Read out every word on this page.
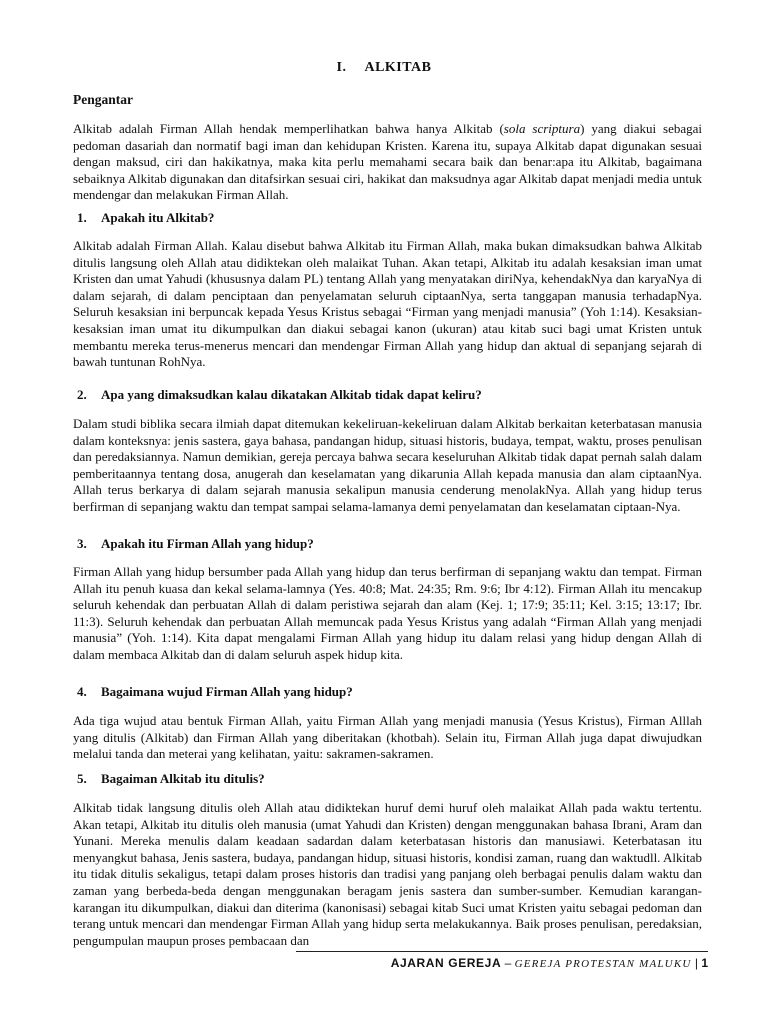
I. ALKITAB
Pengantar

Alkitab adalah Firman Allah hendak memperlihatkan bahwa hanya Alkitab (sola scriptura) yang diakui sebagai pedoman dasariah dan normatif bagi iman dan kehidupan Kristen. Karena itu, supaya Alkitab dapat digunakan sesuai dengan maksud, ciri dan hakikatnya, maka kita perlu memahami secara baik dan benar:apa itu Alkitab, bagaimana sebaiknya Alkitab digunakan dan ditafsirkan sesuai ciri, hakikat dan maksudnya agar Alkitab dapat menjadi media untuk mendengar dan melakukan Firman Allah.

1. Apakah itu Alkitab?

Alkitab adalah Firman Allah. Kalau disebut bahwa Alkitab itu Firman Allah, maka bukan dimaksudkan bahwa Alkitab ditulis langsung oleh Allah atau didiktekan oleh malaikat Tuhan. Akan tetapi, Alkitab itu adalah kesaksian iman umat Kristen dan umat Yahudi (khususnya dalam PL) tentang Allah yang menyatakan diriNya, kehendakNya dan karyaNya di dalam sejarah, di dalam penciptaan dan penyelamatan seluruh ciptaanNya, serta tanggapan manusia terhadapNya. Seluruh kesaksian ini berpuncak kepada Yesus Kristus sebagai “Firman yang menjadi manusia” (Yoh 1:14). Kesaksian-kesaksian iman umat itu dikumpulkan dan diakui sebagai kanon (ukuran) atau kitab suci bagi umat Kristen untuk membantu mereka terus-menerus mencari dan mendengar Firman Allah yang hidup dan aktual di sepanjang sejarah di bawah tuntunan RohNya.

2. Apa yang dimaksudkan kalau dikatakan Alkitab tidak dapat keliru?

Dalam studi biblika secara ilmiah dapat ditemukan kekeliruan-kekeliruan dalam Alkitab berkaitan keterbatasan manusia dalam konteksnya: jenis sastera, gaya bahasa, pandangan hidup, situasi historis, budaya, tempat, waktu, proses penulisan dan peredaksiannya. Namun demikian, gereja percaya bahwa secara keseluruhan Alkitab tidak dapat pernah salah dalam pemberitaannya tentang dosa, anugerah dan keselamatan yang dikarunia Allah kepada manusia dan alam ciptaanNya. Allah terus berkarya di dalam sejarah manusia sekalipun manusia cenderung menolakNya. Allah yang hidup terus berfirman di sepanjang waktu dan tempat sampai selama-lamanya demi penyelamatan dan keselamatan ciptaan-Nya.

3. Apakah itu Firman Allah yang hidup?

Firman Allah yang hidup bersumber pada Allah yang hidup dan terus berfirman di sepanjang waktu dan tempat. Firman Allah itu penuh kuasa dan kekal selama-lamnya (Yes. 40:8; Mat. 24:35; Rm. 9:6; Ibr 4:12). Firman Allah itu mencakup seluruh kehendak dan perbuatan Allah di dalam peristiwa sejarah dan alam (Kej. 1; 17:9; 35:11; Kel. 3:15; 13:17; Ibr. 11:3). Seluruh kehendak dan perbuatan Allah memuncak pada Yesus Kristus yang adalah “Firman Allah yang menjadi manusia” (Yoh. 1:14). Kita dapat mengalami Firman Allah yang hidup itu dalam relasi yang hidup dengan Allah di dalam membaca Alkitab dan di dalam seluruh aspek hidup kita.

4. Bagaimana wujud Firman Allah yang hidup?

Ada tiga wujud atau bentuk Firman Allah, yaitu Firman Allah yang menjadi manusia (Yesus Kristus), Firman Alllah yang ditulis (Alkitab) dan Firman Allah yang diberitakan (khotbah). Selain itu, Firman Allah juga dapat diwujudkan melalui tanda dan meterai yang kelihatan, yaitu: sakramen-sakramen.

5. Bagaiman Alkitab itu ditulis?

Alkitab tidak langsung ditulis oleh Allah atau didiktekan huruf demi huruf oleh malaikat Allah pada waktu tertentu. Akan tetapi, Alkitab itu ditulis oleh manusia (umat Yahudi dan Kristen) dengan menggunakan bahasa Ibrani, Aram dan Yunani. Mereka menulis dalam keadaan sadardan dalam keterbatasan historis dan manusiawi. Keterbatasan itu menyangkut bahasa, Jenis sastera, budaya, pandangan hidup, situasi historis, kondisi zaman, ruang dan waktudll. Alkitab itu tidak ditulis sekaligus, tetapi dalam proses historis dan tradisi yang panjang oleh berbagai penulis dalam waktu dan zaman yang berbeda-beda dengan menggunakan beragam jenis sastera dan sumber-sumber. Kemudian karangan-karangan itu dikumpulkan, diakui dan diterima (kanonisasi) sebagai kitab Suci umat Kristen yaitu sebagai pedoman dan terang untuk mencari dan mendengar Firman Allah yang hidup serta melakukannya. Baik proses penulisan, peredaksian, pengumpulan maupun proses pembacaan dan

AJARAN GEREJA – GEREJA PROTESTAN MALUKU | 1
